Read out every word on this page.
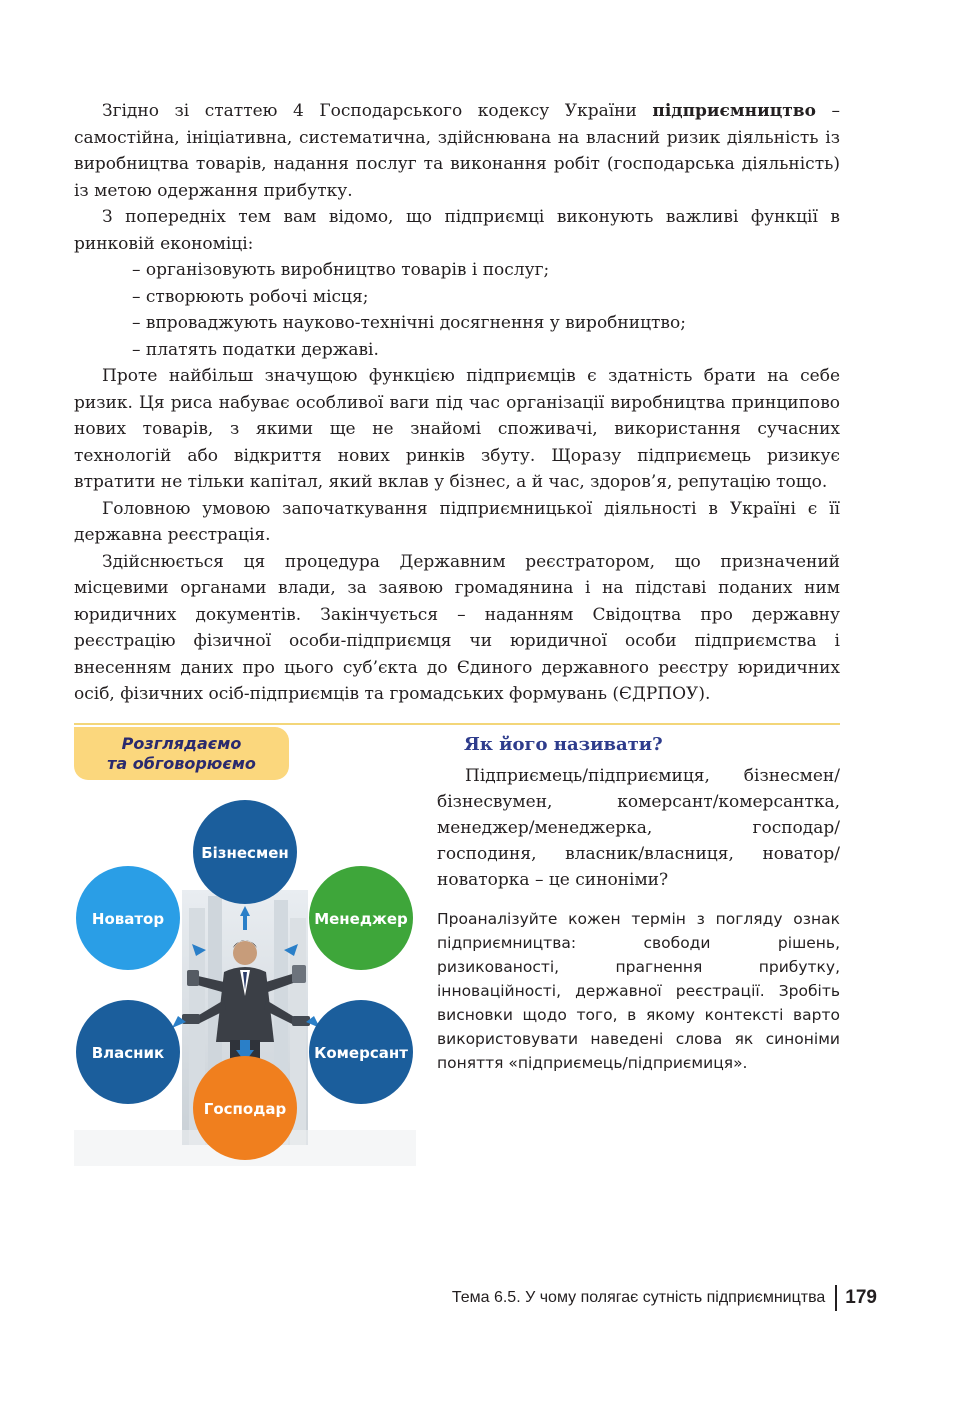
Згідно зі статтею 4 Господарського кодексу України підприємництво – самостійна, ініціативна, систематична, здійснювана на власний ризик діяльність із виробництва товарів, надання послуг та виконання робіт (господарська діяльність) із метою одержання прибутку.

З попередніх тем вам відомо, що підприємці виконують важливі функції в ринковій економіці:

– організовують виробництво товарів і послуг;
– створюють робочі місця;
– впроваджують науково-технічні досягнення у виробництво;
– платять податки державі.

Проте найбільш значущою функцією підприємців є здатність брати на себе ризик. Ця риса набуває особливої ваги під час організації виробництва принципово нових товарів, з якими ще не знайомі споживачі, використання сучасних технологій або відкриття нових ринків збуту. Щоразу підприємець ризикує втратити не тільки капітал, який вклав у бізнес, а й час, здоров’я, репутацію тощо.

Головною умовою започаткування підприємницької діяльності в Україні є її державна реєстрація.

Здійснюється ця процедура Державним реєстратором, що призначений місцевими органами влади, за заявою громадянина і на підставі поданих ним юридичних документів. Закінчується – наданням Свідоцтва про державну реєстрацію фізичної особи-підприємця чи юридичної особи підприємства і внесенням даних про цього суб’єкта до Єдиного державного реєстру юридичних осіб, фізичних осіб-підприємців та громадських формувань (ЄДРПОУ).

Розглядаємо
та обговорюємо
Бізнесмен
Менеджер
Комерсант
Господар
Власник
Новатор
Як його називати?

Підприємець/підприємиця, бізнесмен/бізнесвумен, комерсант/комерсантка, менеджер/менеджерка, господар/господиня, власник/власниця, новатор/новаторка – це синоніми?

Проаналізуйте кожен термін з погляду ознак підприємництва: свободи рішень, ризикованості, прагнення прибутку, інноваційності, державної реєстрації. Зробіть висновки щодо того, в якому контексті варто використовувати наведені слова як синоніми поняття «підприємець/підприємиця».

Тема 6.5. У чому полягає сутність підприємництва 179
